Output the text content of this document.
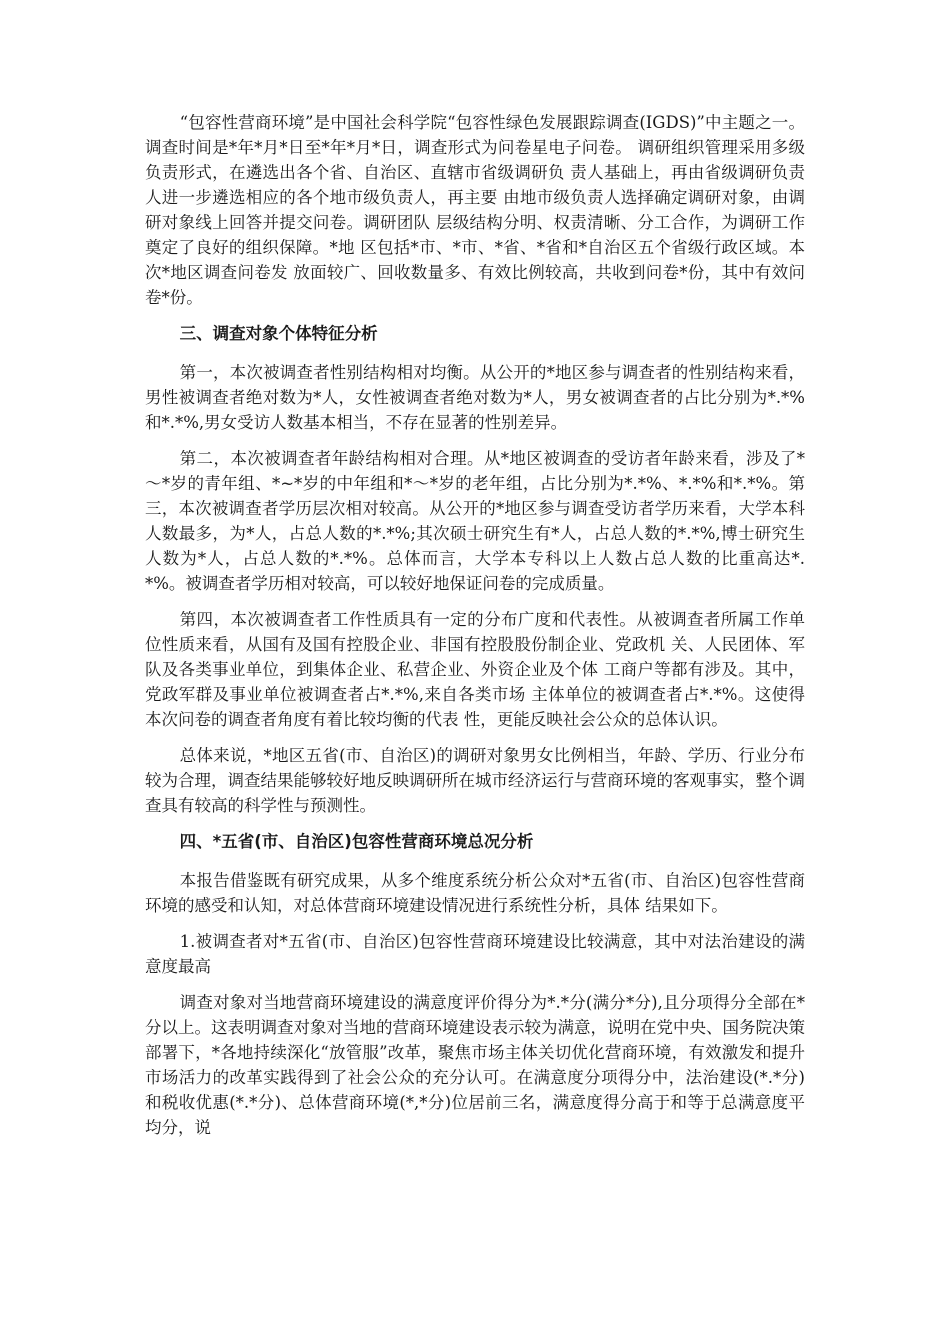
“包容性营商环境”是中国社会科学院“包容性绿色发展跟踪调查(IGDS)”中主题之一。调查时间是*年*月*日至*年*月*日，调查形式为问卷星电子问卷。 调研组织管理采用多级负责形式，在遴选出各个省、自治区、直辖市省级调研负 责人基础上，再由省级调研负责人进一步遴选相应的各个地市级负责人，再主要 由地市级负责人选择确定调研对象，由调研对象线上回答并提交问卷。调研团队 层级结构分明、权责清晰、分工合作，为调研工作奠定了良好的组织保障。*地 区包括*市、*市、*省、*省和*自治区五个省级行政区域。本次*地区调查问卷发 放面较广、回收数量多、有效比例较高，共收到问卷*份，其中有效问卷*份。

三、调查对象个体特征分析

第一，本次被调查者性别结构相对均衡。从公开的*地区参与调查者的性别结构来看，男性被调查者绝对数为*人，女性被调查者绝对数为*人，男女被调查者的占比分别为*.*%和*.*%,男女受访人数基本相当，不存在显著的性别差异。

第二，本次被调查者年龄结构相对合理。从*地区被调查的受访者年龄来看，涉及了*～*岁的青年组、*~*岁的中年组和*～*岁的老年组，占比分别为*.*%、*.*%和*.*%。第三，本次被调查者学历层次相对较高。从公开的*地区参与调查受访者学历来看，大学本科人数最多，为*人，占总人数的*.*%;其次硕士研究生有*人，占总人数的*.*%,博士研究生人数为*人，占总人数的*.*%。总体而言，大学本专科以上人数占总人数的比重高达*.*%。被调查者学历相对较高，可以较好地保证问卷的完成质量。

第四，本次被调查者工作性质具有一定的分布广度和代表性。从被调查者所属工作单位性质来看，从国有及国有控股企业、非国有控股股份制企业、党政机 关、人民团体、军队及各类事业单位，到集体企业、私营企业、外资企业及个体 工商户等都有涉及。其中，党政军群及事业单位被调查者占*.*%,来自各类市场 主体单位的被调查者占*.*%。这使得本次问卷的调查者角度有着比较均衡的代表 性，更能反映社会公众的总体认识。

总体来说，*地区五省(市、自治区)的调研对象男女比例相当，年龄、学历、行业分布较为合理，调查结果能够较好地反映调研所在城市经济运行与营商环境的客观事实，整个调查具有较高的科学性与预测性。

四、*五省(市、自治区)包容性营商环境总况分析

本报告借鉴既有研究成果，从多个维度系统分析公众对*五省(市、自治区)包容性营商环境的感受和认知，对总体营商环境建设情况进行系统性分析，具体 结果如下。

1.被调查者对*五省(市、自治区)包容性营商环境建设比较满意，其中对法治建设的满意度最高

调查对象对当地营商环境建设的满意度评价得分为*.*分(满分*分),且分项得分全部在*分以上。这表明调查对象对当地的营商环境建设表示较为满意，说明在党中央、国务院决策部署下，*各地持续深化“放管服”改革，聚焦市场主体关切优化营商环境，有效激发和提升市场活力的改革实践得到了社会公众的充分认可。在满意度分项得分中，法治建设(*.*分)和税收优惠(*.*分)、总体营商环境(*,*分)位居前三名，满意度得分高于和等于总满意度平均分，说
